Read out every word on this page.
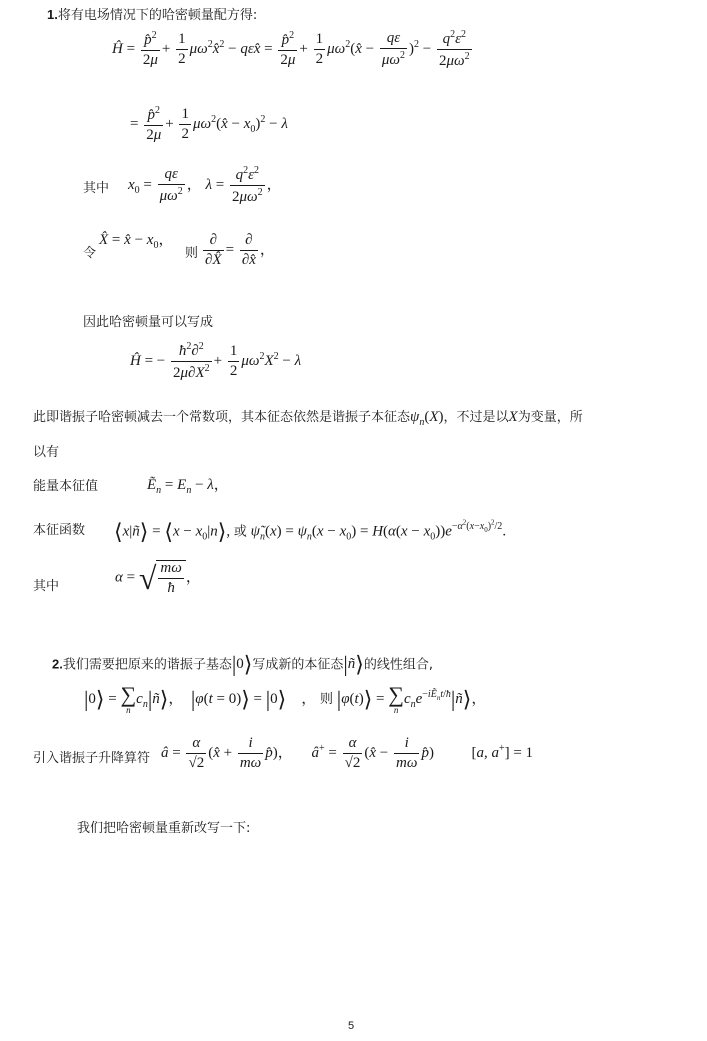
1.将有电场情况下的哈密顿量配方得:
Ĥ = $\frac{p̂^2}{2\mu} + \frac{1}{2}$ $\mu\omega^2x̂^2$ − qεx̂ = $\frac{p̂^2}{2\mu} + \frac{1}{2}$ $\mu\omega^2(x̂ - \frac{q\varepsilon}{\mu\omega^2} )^2 - \frac{q^2\varepsilon^2}{2\mu\omega^2}$
= $\frac{p̂^2}{2\mu} + \frac{1}{2}$ $\mu\omega^2(x̂ - x_0)^2 - \lambda$
其中 $x_0 = \frac{q\varepsilon}{\mu\omega^2}$ ， $\lambda = \frac{q^2\varepsilon^2}{2\mu\omega^2}$ ，
令
X̂ = x̂ − $x_0$，
则 $\frac{\partial}{\partial X̂} = \frac{\partial}{\partial x̂}$ ，
因此哈密顿量可以写成
Ĥ = − $\frac{ħ^2\partial^2}{2\mu\partial X^2} + \frac{1}{2} \mu\omega^2X^2 - \lambda$
此即谐振子哈密顿减去一个常数项，其本征态依然是谐振子本征态$\psi_n(X)$，不过是以X为变量，所
以有
能量本征值	Ẽ$_n$ = $E_n - \lambda$，
本征函数 ⟨x|ñ⟩ = ⟨x − $x_0|n⟩$, 或 $\psĩ_n(x) = \psi_n(x - x_0) = H(\alpha(x - x_0))e^{-\alpha^2(x-x_0)^2/2}$.
其中
α = √ $\frac{m\omega}{ħ}$ ，
2.我们需要把原来的谐振子基态|0⟩写成新的本征态|ñ⟩的线性组合,
|0⟩ = ∑
n
$c_n|ñ⟩$，  |φ(t = 0)⟩ = |0⟩    ， 则 |φ(t)⟩ = ∑
n
$c_ne^{-iẼ_nt/ħ}|ñ⟩$，
引入谐振子升降算符 â = $\frac{\alpha}{√2}$ (x̂ + $\frac{i}{m\omega}$ p̂)，     â+ = $\frac{\alpha}{√2}$ (x̂ − $\frac{i}{m\omega}$ p̂)          [a, a+] = 1
我们把哈密顿量重新改写一下:
5
